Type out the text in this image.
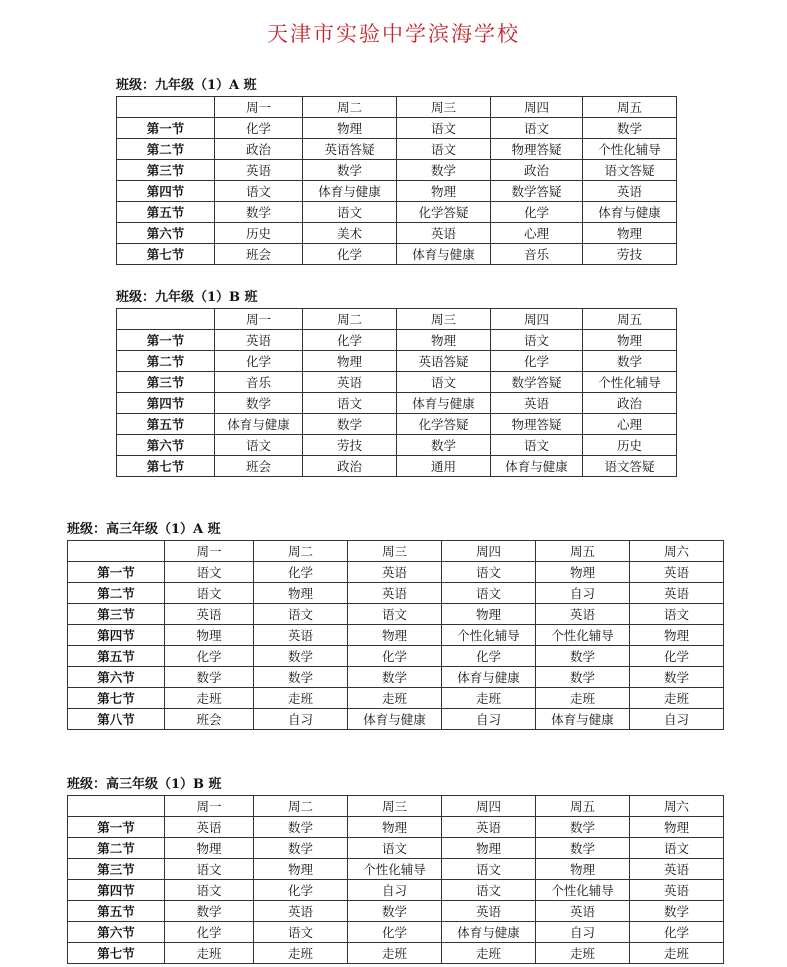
天津市实验中学滨海学校
班级：九年级（1）A 班
	周一	周二	周三	周四	周五
第一节	化学	物理	语文	语文	数学
第二节	政治	英语答疑	语文	物理答疑	个性化辅导
第三节	英语	数学	数学	政治	语文答疑
第四节	语文	体育与健康	物理	数学答疑	英语
第五节	数学	语文	化学答疑	化学	体育与健康
第六节	历史	美术	英语	心理	物理
第七节	班会	化学	体育与健康	音乐	劳技
班级：九年级（1）B 班
	周一	周二	周三	周四	周五
第一节	英语	化学	物理	语文	物理
第二节	化学	物理	英语答疑	化学	数学
第三节	音乐	英语	语文	数学答疑	个性化辅导
第四节	数学	语文	体育与健康	英语	政治
第五节	体育与健康	数学	化学答疑	物理答疑	心理
第六节	语文	劳技	数学	语文	历史
第七节	班会	政治	通用	体育与健康	语文答疑
班级：高三年级（1）A 班
	周一	周二	周三	周四	周五	周六
第一节	语文	化学	英语	语文	物理	英语
第二节	语文	物理	英语	语文	自习	英语
第三节	英语	语文	语文	物理	英语	语文
第四节	物理	英语	物理	个性化辅导	个性化辅导	物理
第五节	化学	数学	化学	化学	数学	化学
第六节	数学	数学	数学	体育与健康	数学	数学
第七节	走班	走班	走班	走班	走班	走班
第八节	班会	自习	体育与健康	自习	体育与健康	自习
班级：高三年级（1）B 班
	周一	周二	周三	周四	周五	周六
第一节	英语	数学	物理	英语	数学	物理
第二节	物理	数学	语文	物理	数学	语文
第三节	语文	物理	个性化辅导	语文	物理	英语
第四节	语文	化学	自习	语文	个性化辅导	英语
第五节	数学	英语	数学	英语	英语	数学
第六节	化学	语文	化学	体育与健康	自习	化学
第七节	走班	走班	走班	走班	走班	走班
